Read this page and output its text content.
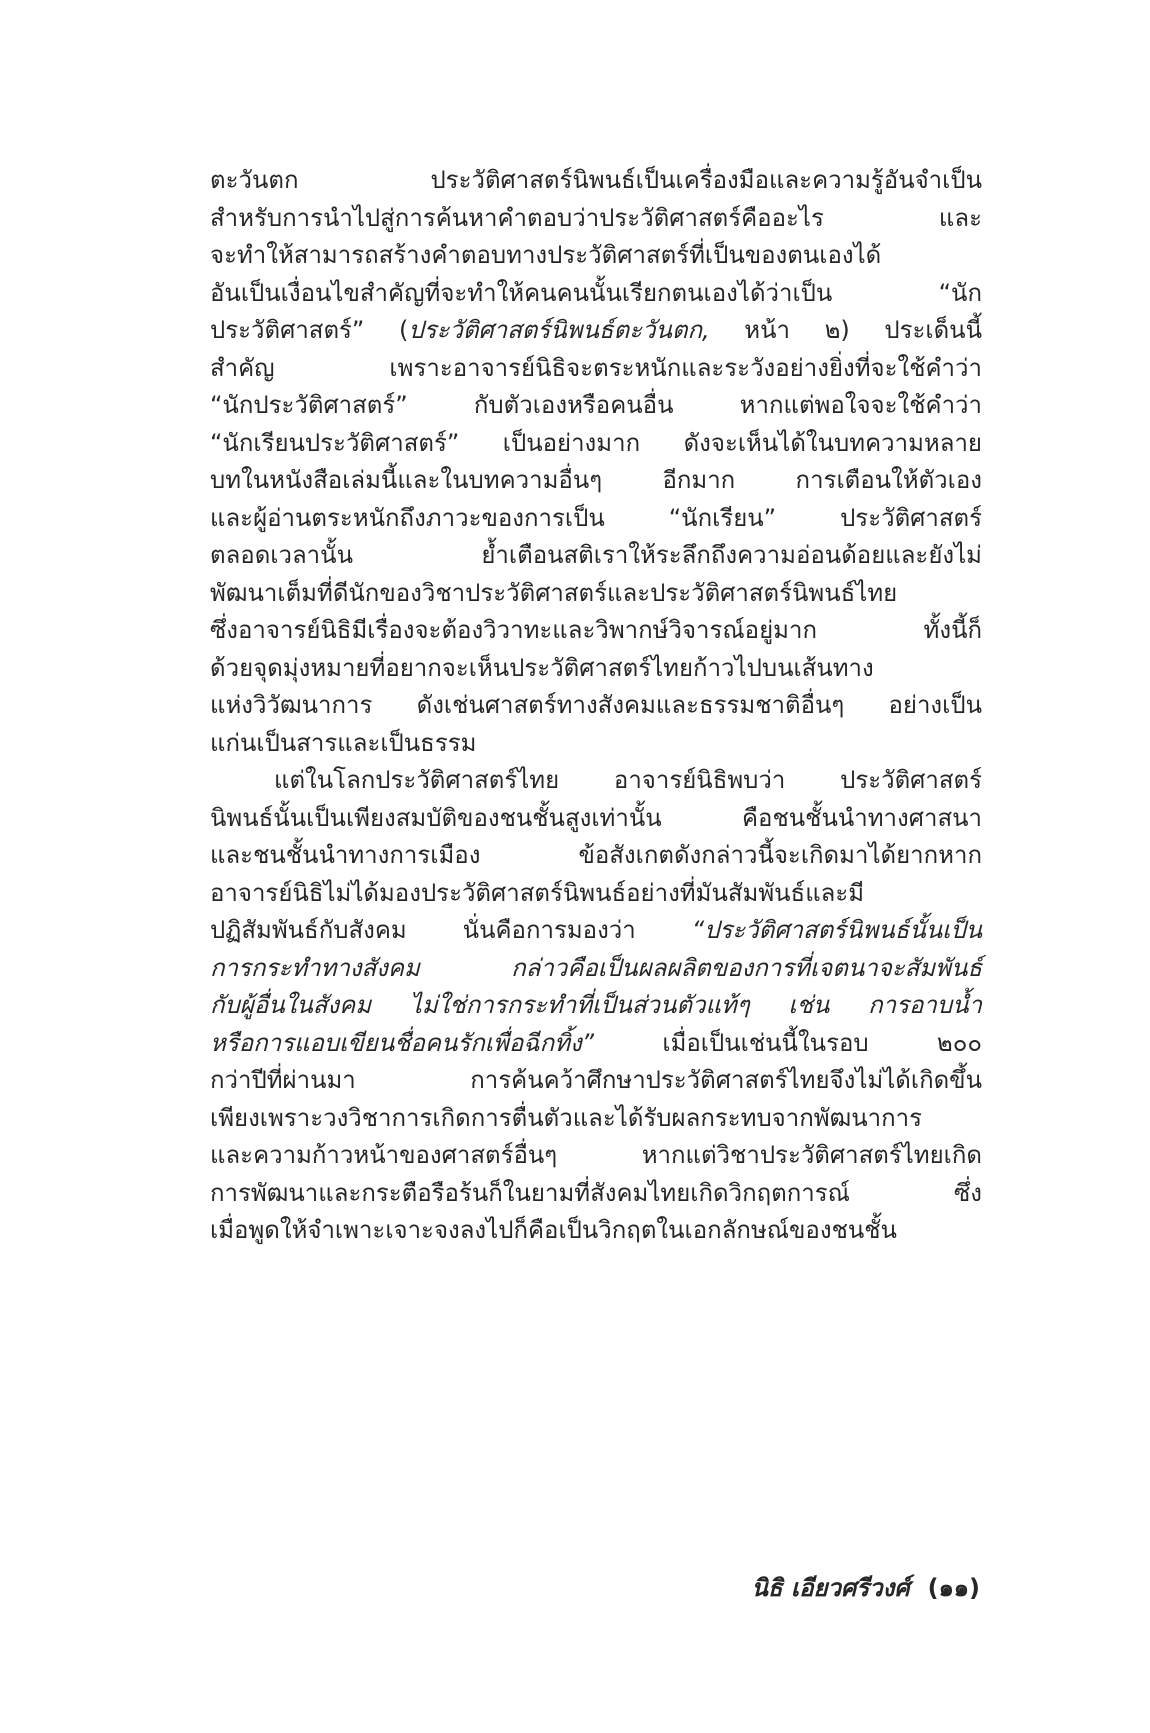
ตะวันตก ประวัติศาสตร์นิพนธ์เป็นเครื่องมือและความรู้อันจำเป็น
สำหรับการนำไปสู่การค้นหาคำตอบว่าประวัติศาสตร์คืออะไร และ
จะทำให้สามารถสร้างคำตอบทางประวัติศาสตร์ที่เป็นของตนเองได้
อันเป็นเงื่อนไขสำคัญที่จะทำให้คนคนนั้นเรียกตนเองได้ว่าเป็น “นัก
ประวัติศาสตร์” (ประวัติศาสตร์นิพนธ์ตะวันตก, หน้า ๒) ประเด็นนี้
สำคัญ เพราะอาจารย์นิธิจะตระหนักและระวังอย่างยิ่งที่จะใช้คำว่า
“นักประวัติศาสตร์” กับตัวเองหรือคนอื่น หากแต่พอใจจะใช้คำว่า
“นักเรียนประวัติศาสตร์” เป็นอย่างมาก ดังจะเห็นได้ในบทความหลาย
บทในหนังสือเล่มนี้และในบทความอื่นๆ อีกมาก การเตือนให้ตัวเอง
และผู้อ่านตระหนักถึงภาวะของการเป็น “นักเรียน” ประวัติศาสตร์
ตลอดเวลานั้น ย้ำเตือนสติเราให้ระลึกถึงความอ่อนด้อยและยังไม่
พัฒนาเต็มที่ดีนักของวิชาประวัติศาสตร์และประวัติศาสตร์นิพนธ์ไทย
ซึ่งอาจารย์นิธิมีเรื่องจะต้องวิวาทะและวิพากษ์วิจารณ์อยู่มาก ทั้งนี้ก็
ด้วยจุดมุ่งหมายที่อยากจะเห็นประวัติศาสตร์ไทยก้าวไปบนเส้นทาง
แห่งวิวัฒนาการ ดังเช่นศาสตร์ทางสังคมและธรรมชาติอื่นๆ อย่างเป็น
แก่นเป็นสารและเป็นธรรม
แต่ในโลกประวัติศาสตร์ไทย อาจารย์นิธิพบว่า ประวัติศาสตร์
นิพนธ์นั้นเป็นเพียงสมบัติของชนชั้นสูงเท่านั้น คือชนชั้นนำทางศาสนา
และชนชั้นนำทางการเมือง ข้อสังเกตดังกล่าวนี้จะเกิดมาได้ยากหาก
อาจารย์นิธิไม่ได้มองประวัติศาสตร์นิพนธ์อย่างที่มันสัมพันธ์และมี
ปฏิสัมพันธ์กับสังคม นั่นคือการมองว่า “ประวัติศาสตร์นิพนธ์นั้นเป็น
การกระทำทางสังคม กล่าวคือเป็นผลผลิตของการที่เจตนาจะสัมพันธ์
กับผู้อื่นในสังคม ไม่ใช่การกระทำที่เป็นส่วนตัวแท้ๆ เช่น การอาบน้ำ
หรือการแอบเขียนชื่อคนรักเพื่อฉีกทิ้ง” เมื่อเป็นเช่นนี้ในรอบ ๒๐๐
กว่าปีที่ผ่านมา การค้นคว้าศึกษาประวัติศาสตร์ไทยจึงไม่ได้เกิดขึ้น
เพียงเพราะวงวิชาการเกิดการตื่นตัวและได้รับผลกระทบจากพัฒนาการ
และความก้าวหน้าของศาสตร์อื่นๆ หากแต่วิชาประวัติศาสตร์ไทยเกิด
การพัฒนาและกระตือรือร้นก็ในยามที่สังคมไทยเกิดวิกฤตการณ์ ซึ่ง
เมื่อพูดให้จำเพาะเจาะจงลงไปก็คือเป็นวิกฤตในเอกลักษณ์ของชนชั้น
นิธิ เอียวศรีวงศ์ (๑๑)
